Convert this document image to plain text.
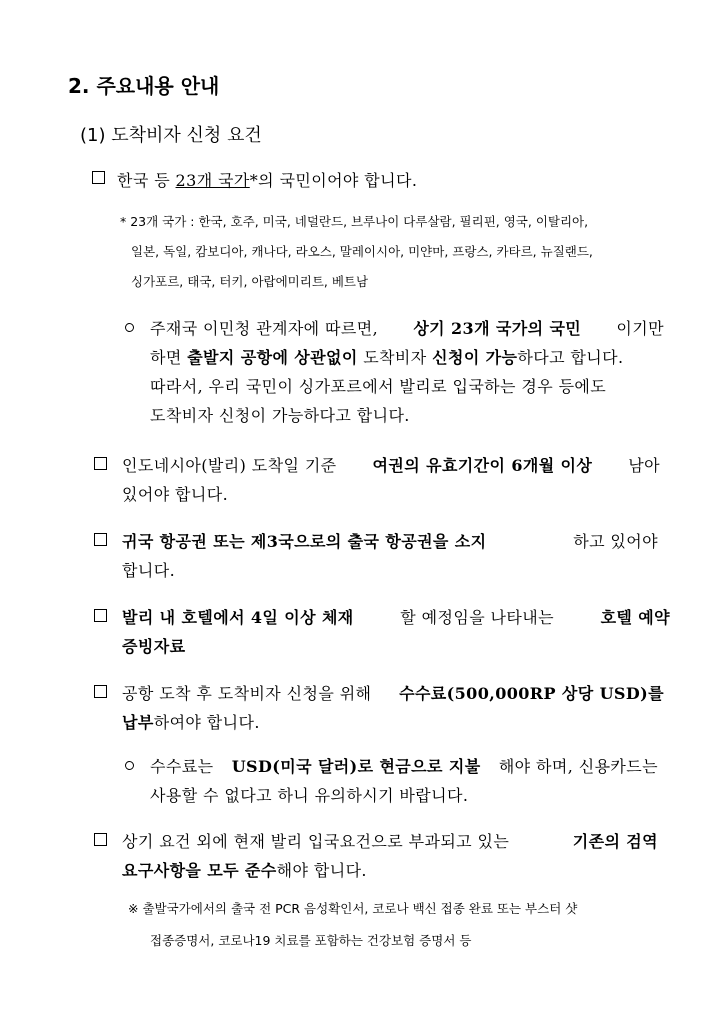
2. 주요내용 안내
(1) 도착비자 신청 요건
한국 등 23개 국가*의 국민이어야 합니다.
* 23개 국가 : 한국, 호주, 미국, 네덜란드, 브루나이 다루살람, 필리핀, 영국, 이탈리아,
일본, 독일, 캄보디아, 캐나다, 라오스, 말레이시아, 미얀마, 프랑스, 카타르, 뉴질랜드,
싱가포르, 태국, 터키, 아랍에미리트, 베트남
주재국 이민청 관계자에 따르면, 상기 23개 국가의 국민 이기만
하면 출발지 공항에 상관없이 도착비자 신청이 가능하다고 합니다.
따라서, 우리 국민이 싱가포르에서 발리로 입국하는 경우 등에도
도착비자 신청이 가능하다고 합니다.
인도네시아(발리) 도착일 기준 여권의 유효기간이 6개월 이상 남아
있어야 합니다.
귀국 항공권 또는 제3국으로의 출국 항공권을 소지	하고 있어야
합니다.
발리 내 호텔에서 4일 이상 체재	할 예정임을 나타내는	호텔 예약
증빙자료
공항 도착 후 도착비자 신청을 위해 수수료(500,000RP 상당 USD)를
납부하여야 합니다.
수수료는 USD(미국 달러)로 현금으로 지불 해야 하며, 신용카드는
사용할 수 없다고 하니 유의하시기 바랍니다.
상기 요건 외에 현재 발리 입국요건으로 부과되고 있는	기존의 검역
요구사항을 모두 준수해야 합니다.
※ 출발국가에서의 출국 전 PCR 음성확인서, 코로나 백신 접종 완료 또는 부스터 샷
접종증명서, 코로나19 치료를 포함하는 건강보험 증명서 등
